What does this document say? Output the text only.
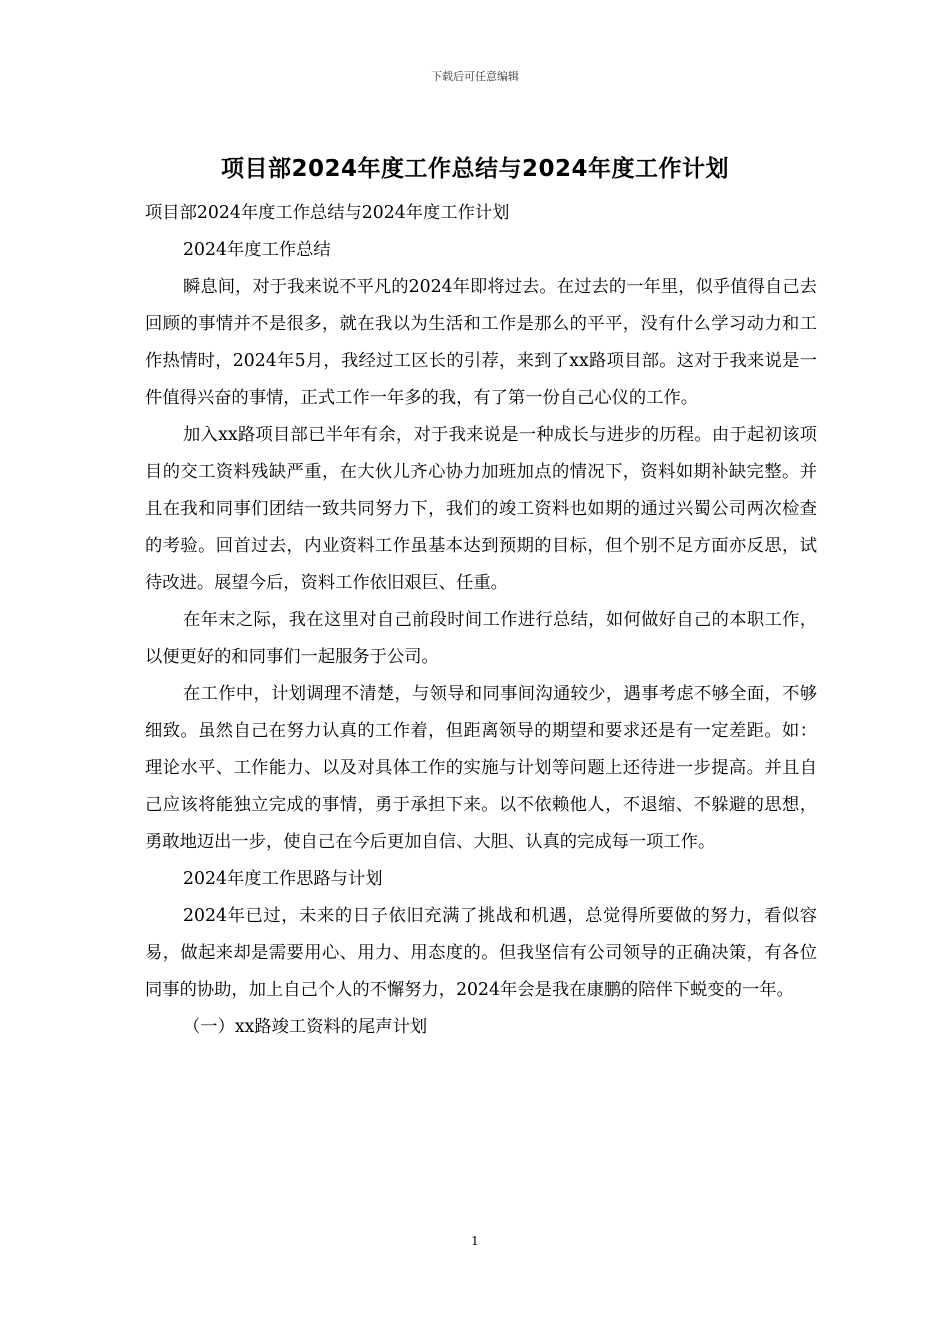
下载后可任意编辑
项目部2024年度工作总结与2024年度工作计划

项目部2024年度工作总结与2024年度工作计划

2024年度工作总结

瞬息间，对于我来说不平凡的2024年即将过去。在过去的一年里，似乎值得自己去回顾的事情并不是很多，就在我以为生活和工作是那么的平平，没有什么学习动力和工作热情时，2024年5月，我经过工区长的引荐，来到了xx路项目部。这对于我来说是一件值得兴奋的事情，正式工作一年多的我，有了第一份自己心仪的工作。

加入xx路项目部已半年有余，对于我来说是一种成长与进步的历程。由于起初该项目的交工资料残缺严重，在大伙儿齐心协力加班加点的情况下，资料如期补缺完整。并且在我和同事们团结一致共同努力下，我们的竣工资料也如期的通过兴蜀公司两次检查的考验。回首过去，内业资料工作虽基本达到预期的目标，但个别不足方面亦反思，试待改进。展望今后，资料工作依旧艰巨、任重。

在年末之际，我在这里对自己前段时间工作进行总结，如何做好自己的本职工作，以便更好的和同事们一起服务于公司。

在工作中，计划调理不清楚，与领导和同事间沟通较少，遇事考虑不够全面，不够细致。虽然自己在努力认真的工作着，但距离领导的期望和要求还是有一定差距。如：理论水平、工作能力、以及对具体工作的实施与计划等问题上还待进一步提高。并且自己应该将能独立完成的事情，勇于承担下来。以不依赖他人，不退缩、不躲避的思想，勇敢地迈出一步，使自己在今后更加自信、大胆、认真的完成每一项工作。

2024年度工作思路与计划

2024年已过，未来的日子依旧充满了挑战和机遇，总觉得所要做的努力，看似容易，做起来却是需要用心、用力、用态度的。但我坚信有公司领导的正确决策，有各位同事的协助，加上自己个人的不懈努力，2024年会是我在康鹏的陪伴下蜕变的一年。

（一）xx路竣工资料的尾声计划

1
